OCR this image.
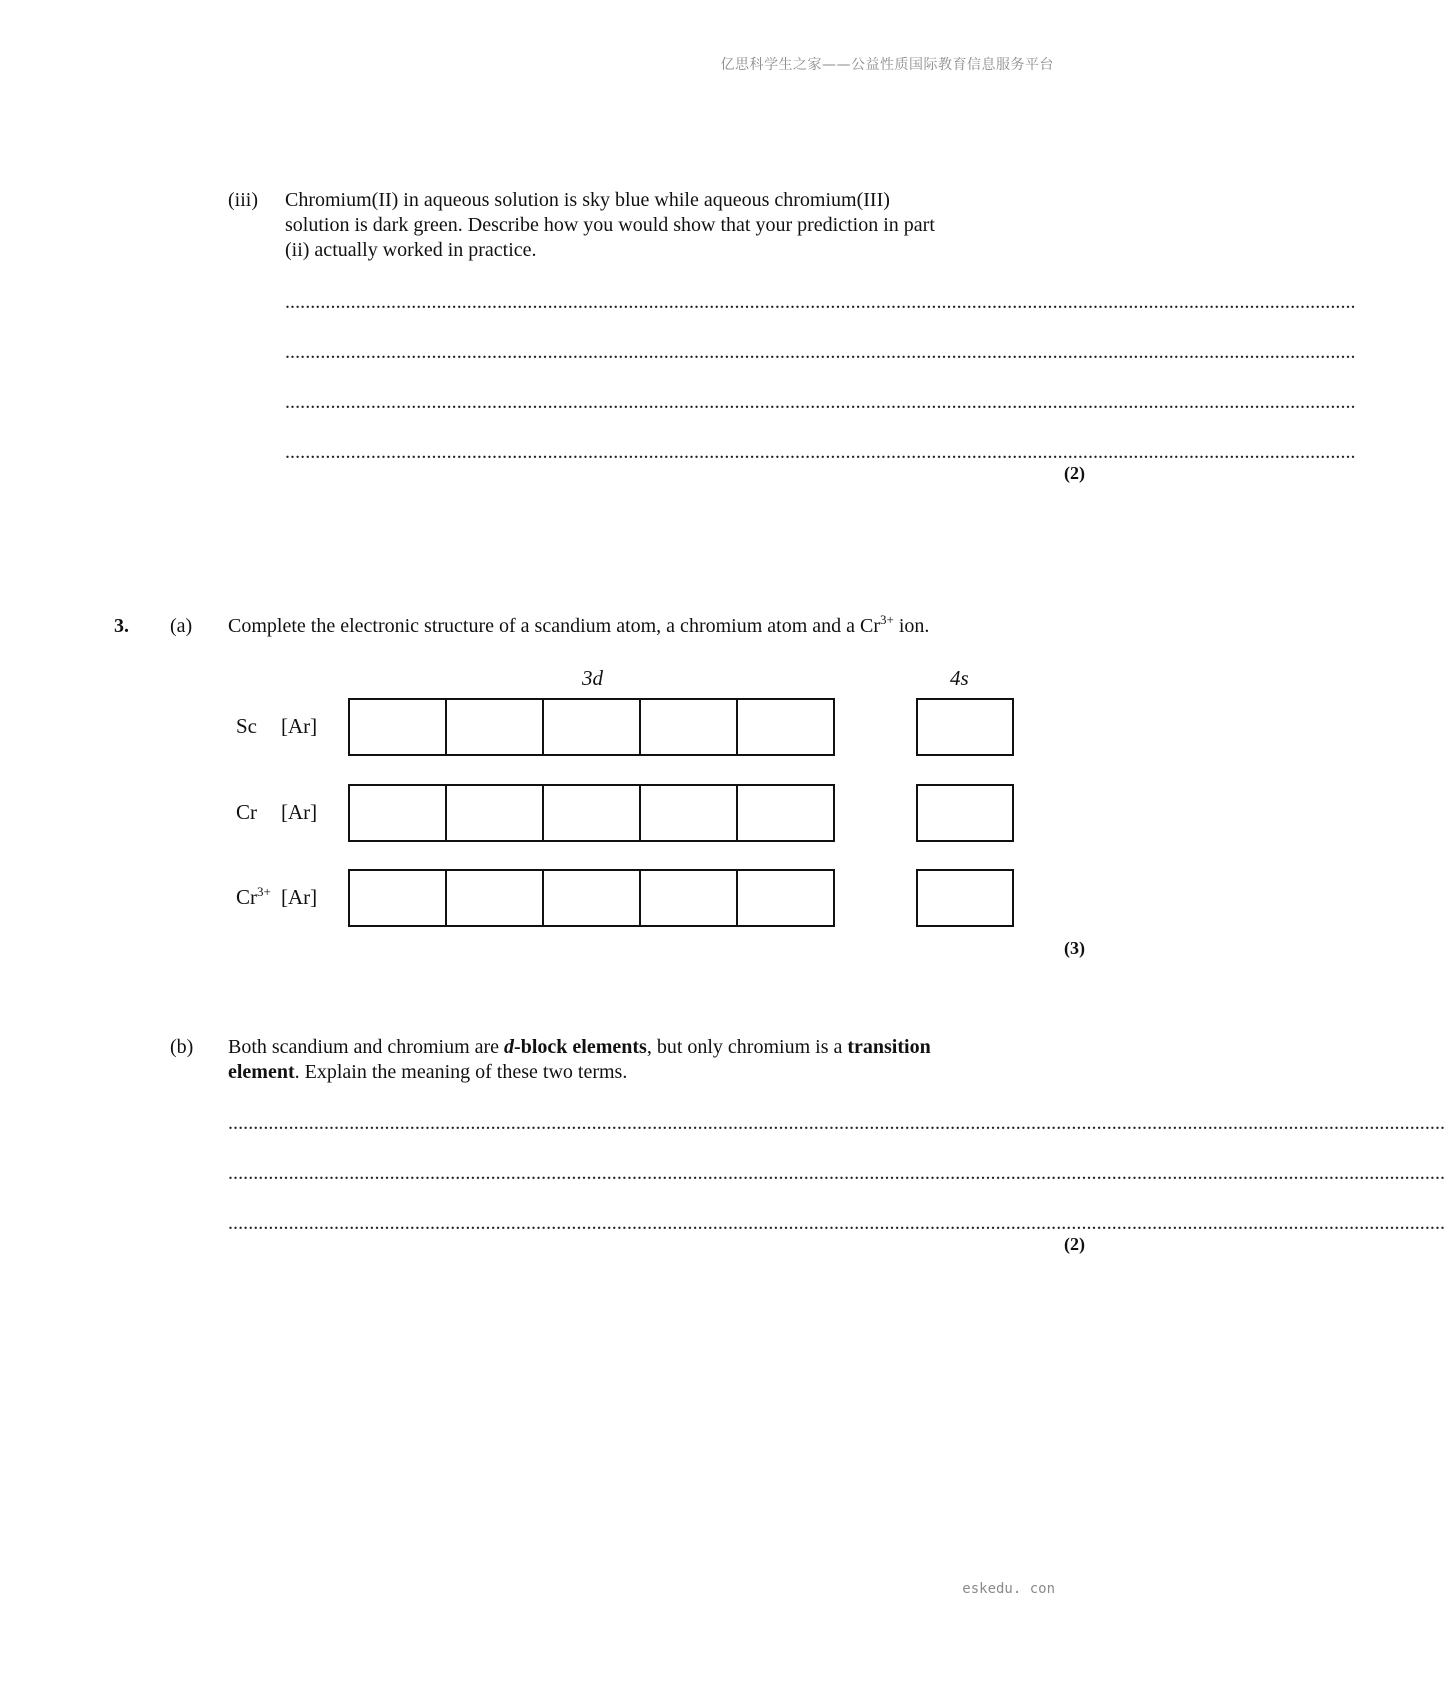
亿思科学生之家——公益性质国际教育信息服务平台
(iii) Chromium(II) in aqueous solution is sky blue while aqueous chromium(III)
solution is dark green. Describe how you would show that your prediction in part
(ii) actually worked in practice.
....................................................................................................................................................................................................................
....................................................................................................................................................................................................................
....................................................................................................................................................................................................................
....................................................................................................................................................................................................................
(2)
3. (a) Complete the electronic structure of a scandium atom, a chromium atom and a $Cr^{3+}$ ion.
3d	4s
Sc [Ar]
Cr [Ar]
$Cr^{3+}$ [Ar]
(3)
(b) Both scandium and chromium are d-block elements, but only chromium is a transition
element. Explain the meaning of these two terms.
.................................................................................................................................................................................................................................................
.................................................................................................................................................................................................................................................
.................................................................................................................................................................................................................................................
(2)
eskedu. con
